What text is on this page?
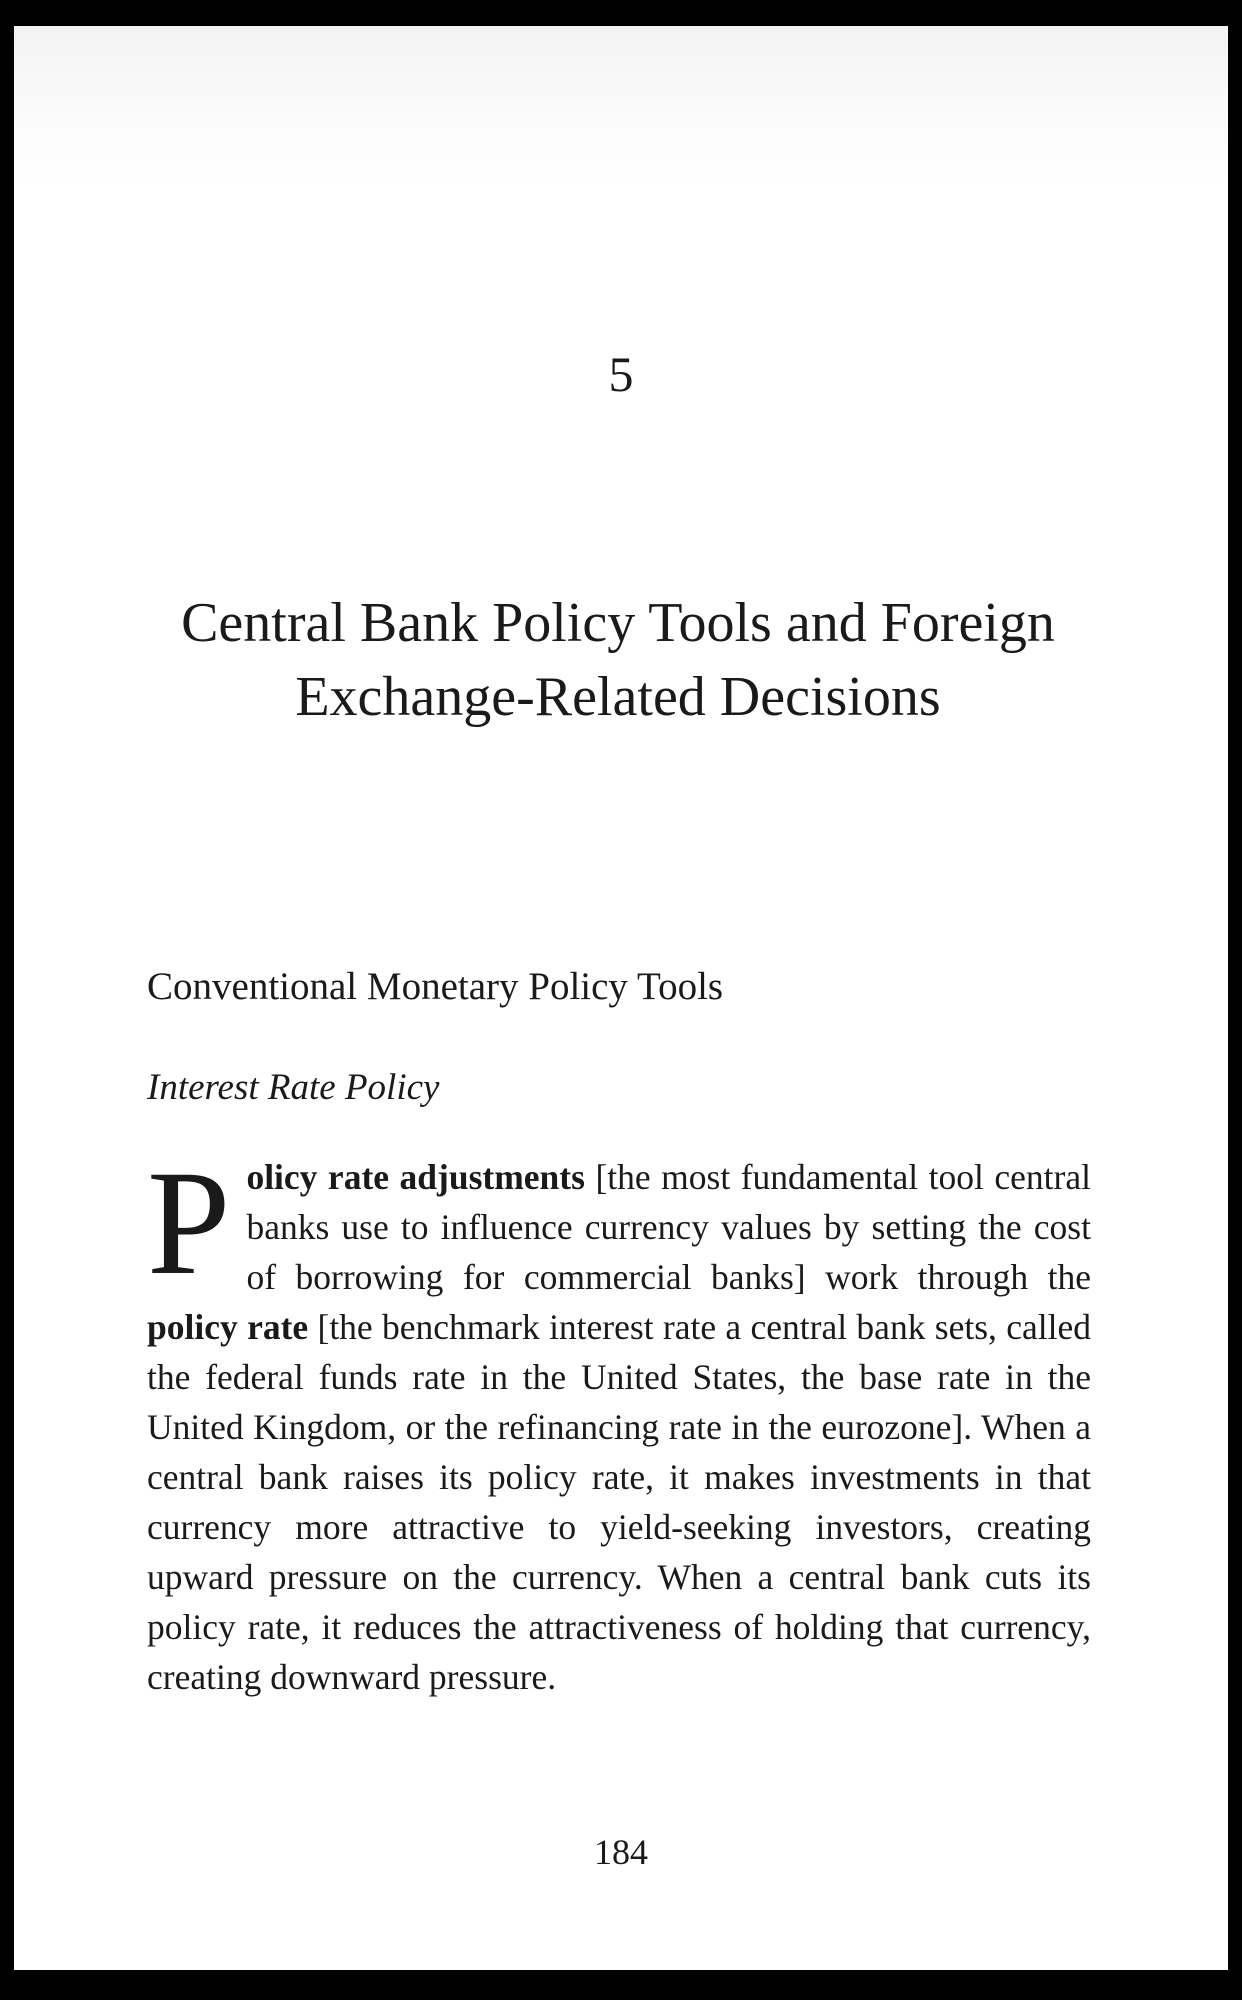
5
Central Bank Policy Tools and Foreign Exchange-Related Decisions
Conventional Monetary Policy Tools
Interest Rate Policy

Policy rate adjustments [the most fundamental tool central banks use to influence currency values by setting the cost of borrowing for commercial banks] work through the policy rate [the benchmark interest rate a central bank sets, called the federal funds rate in the United States, the base rate in the United Kingdom, or the refinancing rate in the eurozone]. When a central bank raises its policy rate, it makes investments in that currency more attractive to yield-seeking investors, creating upward pressure on the currency. When a central bank cuts its policy rate, it reduces the attractiveness of holding that currency, creating downward pressure.

184
